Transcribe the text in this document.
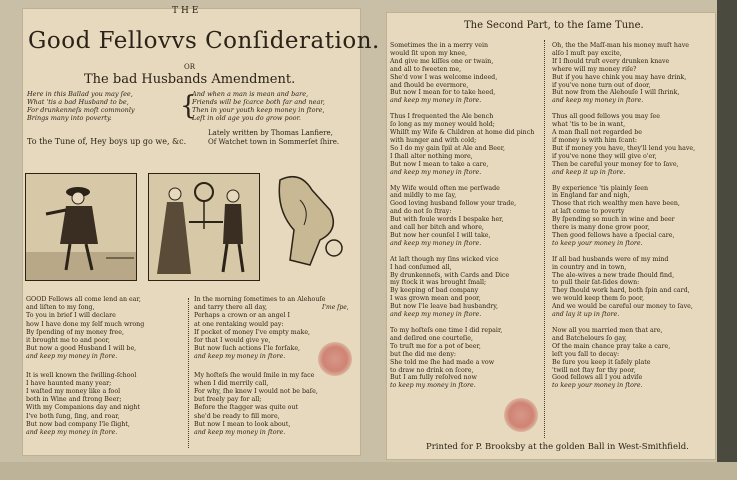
THE
Good Fellovvs Conſideration.
OR
The bad Husbands Amendment.
Here in this Ballad you may ſee,
What 'tis a bad Husband to be,
For drunkenneſs moſt commonly
Brings many into poverty.	{
And when a man is mean and bare,
Friends will be ſcarce both far and near,
Then in your youth keep money in ſtore,
Leſt in old age you do grow poor.
To the Tune of, Hey boys up go we, &c.
Lately written by Thomas Lanfiere,
Of Watchet town in Sommerſet ſhire.
GOOD Fellows all come lend an ear,
and liſten to my ſong,
To you in brief I will declare
how I have done my ſelf much wrong
By ſpending of my money free,
it brought me to and poor,
But now a good Husband I will be,
and keep my money in ſtore.
It is well known the ſwilling-ſchool
I have haunted many year;
I waſted my money like a fool
both in Wine and ſtrong Beer;
With my Companions day and night
I've both ſung, ſing, and roar,
But now bad company I'le ſlight,
and keep my money in ſtore.
In the morning ſometimes to an Alehouſe
and tarry there all day,
Perhaps a crown or an angel I
at one rentaking would pay:
If pocket of money I've empty make,
for that I would give ye,
But now ſuch actions I'le forſake,
and keep my money in ſtore.
My hoſteſs ſhe would ſmile in my face
when I did merrily call,
For why, ſhe knew I would not be baſe,
but freely pay for all;
Before the ſtagger was quite out
she'd be ready to fill more,
But now I mean to look about,
and keep my money in ſtore.
I'me ſpe,
The Second Part, to the ſame Tune.
Sometimes the in a merry vein
would ſit upon my knee,
And give me kiſſes one or twain,
and all to ſweeten me,
She'd vow I was welcome indeed,
and ſhould be evermore,
But now I mean for to take heed,
and keep my money in ſtore.
Thus I frequented the Ale bench
ſo long as my money would hold;
Whilſt my Wife & Children at home did pinch
with hunger and with cold;
So I do my gain ſpil at Ale and Beer,
I ſhall alter nothing more,
But now I mean to take a care,
and keep my money in ſtore.
My Wife would often me perſwade
and mildly to me ſay,
Good loving husband follow your trade,
and do not ſo ſtray:
But with foule words I bespake her,
and call her bitch and whore,
But now her counſel I will take,
and keep my money in ſtore.
At laſt though my ſins wicked vice
I had conſumed all,
By drunkenneſs, with Cards and Dice
my ſtock it was brought ſmall;
By keeping of bad company
I was grown mean and poor,
But now I'le leave bad husbandry,
and keep my money in ſtore.
To my hoſteſs one time I did repair,
and deſired one courteſie,
To truſt me for a pot of beer,
but ſhe did me deny:
She told me ſhe had made a vow
to draw no drink on ſcore,
But I am fully reſolved now
to keep my money in ſtore.
Oh, the the Maſſ-man his money muſt have
alſo I muſt pay excite,
If I ſhould truſt every drunken knave
where will my money riſe?
But if you have chink you may have drink,
if you've none turn out of door,
But now from the Alehouſe I will ſhrink,
and keep my money in ſtore.
Thus all good fellows you may ſee
what 'tis to be in want,
A man ſhall not regarded be
if money is with him ſcant:
But if money you have, they'll lend you have,
if you've none they will give o'er,
Then be careful your money for to ſave,
and keep it up in ſtore.
By experience 'tis plainly ſeen
in England far and nigh,
Those that rich wealthy men have been,
at laſt come to poverty
By ſpending so much in wine and beer
there is many done grow poor,
Then good fellows have a ſpecial care,
to keep your money in ſtore.
If all bad husbands were of my mind
in country and in town,
The ale-wives a new trade ſhould find,
to pull their ſat-ſides down:
They ſhould work hard, both ſpin and card,
we would keep them ſo poor,
And we would be careful our money to ſave,
and lay it up in ſtore.
Now all you married men that are,
and Batchelours ſo gay,
Of the main chance pray take a care,
leſt you fall to decay:
Be ſure you keep it ſafely plate
'twill not ſtay for thy poor,
Good fellows all I you adviſe
to keep your money in ſtore.
Printed for P. Brooksby at the golden Ball in West-Smithfield.
